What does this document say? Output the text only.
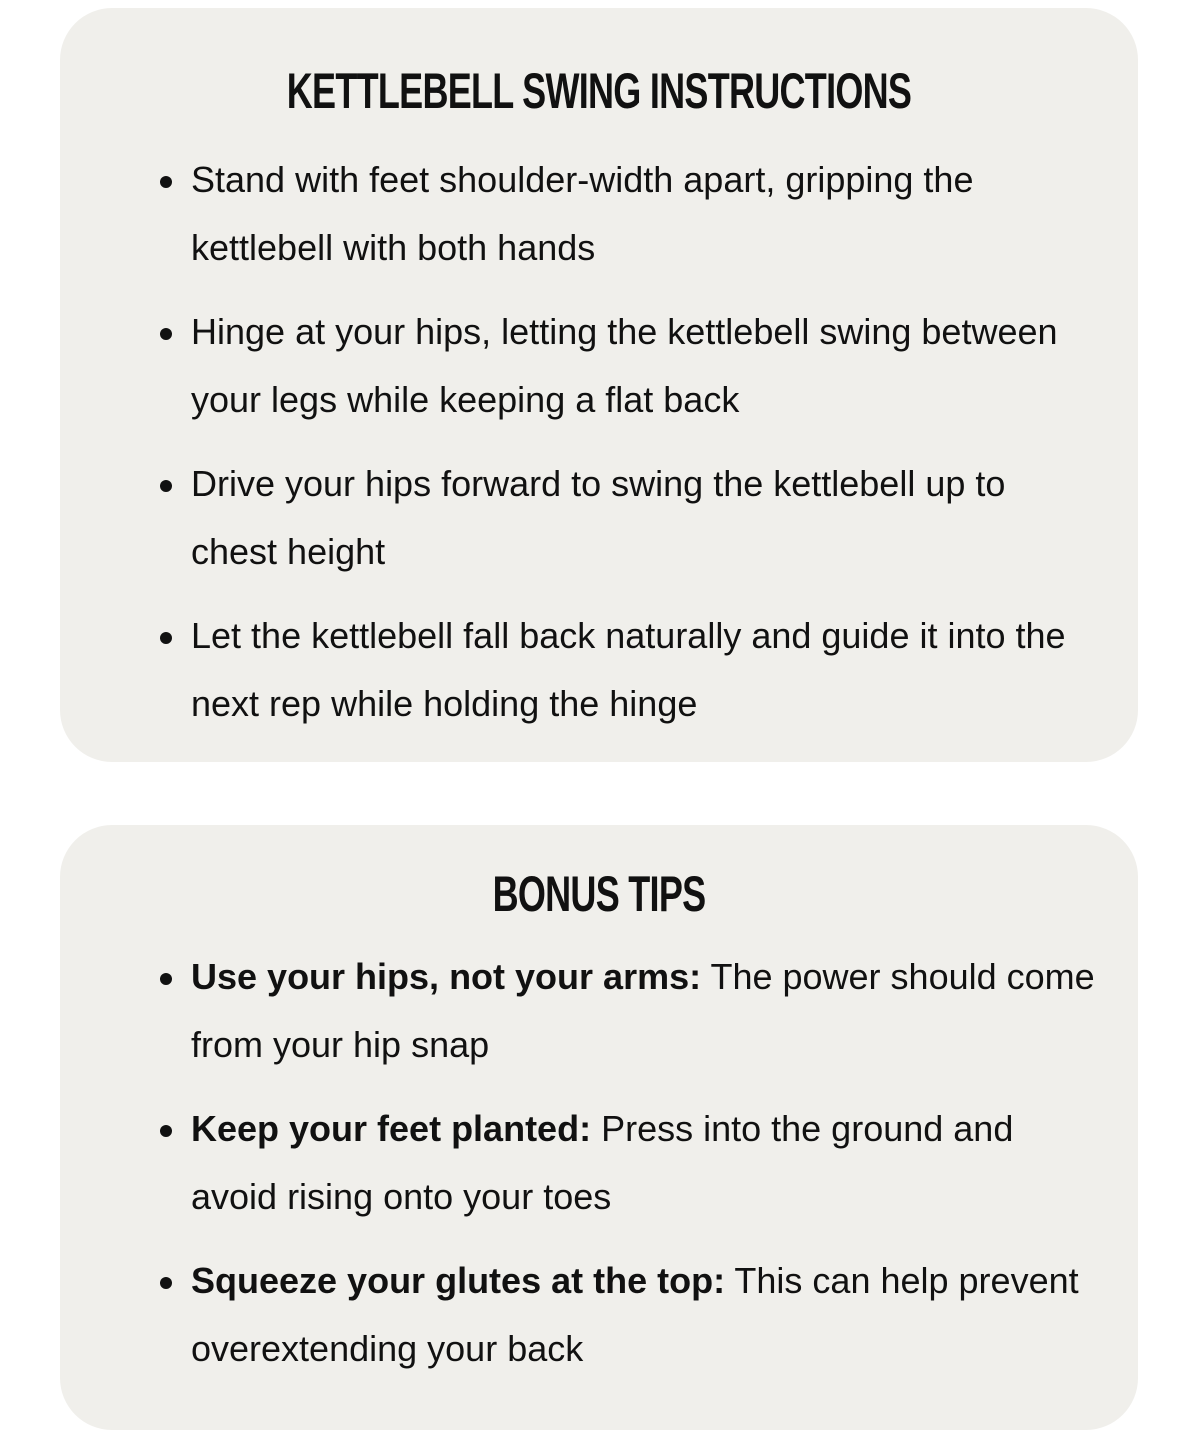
KETTLEBELL SWING INSTRUCTIONS
Stand with feet shoulder-width apart, gripping the kettlebell with both hands
Hinge at your hips, letting the kettlebell swing between your legs while keeping a flat back
Drive your hips forward to swing the kettlebell up to chest height
Let the kettlebell fall back naturally and guide it into the next rep while holding the hinge
BONUS TIPS
Use your hips, not your arms: The power should come from your hip snap
Keep your feet planted: Press into the ground and avoid rising onto your toes
Squeeze your glutes at the top: This can help prevent overextending your back
